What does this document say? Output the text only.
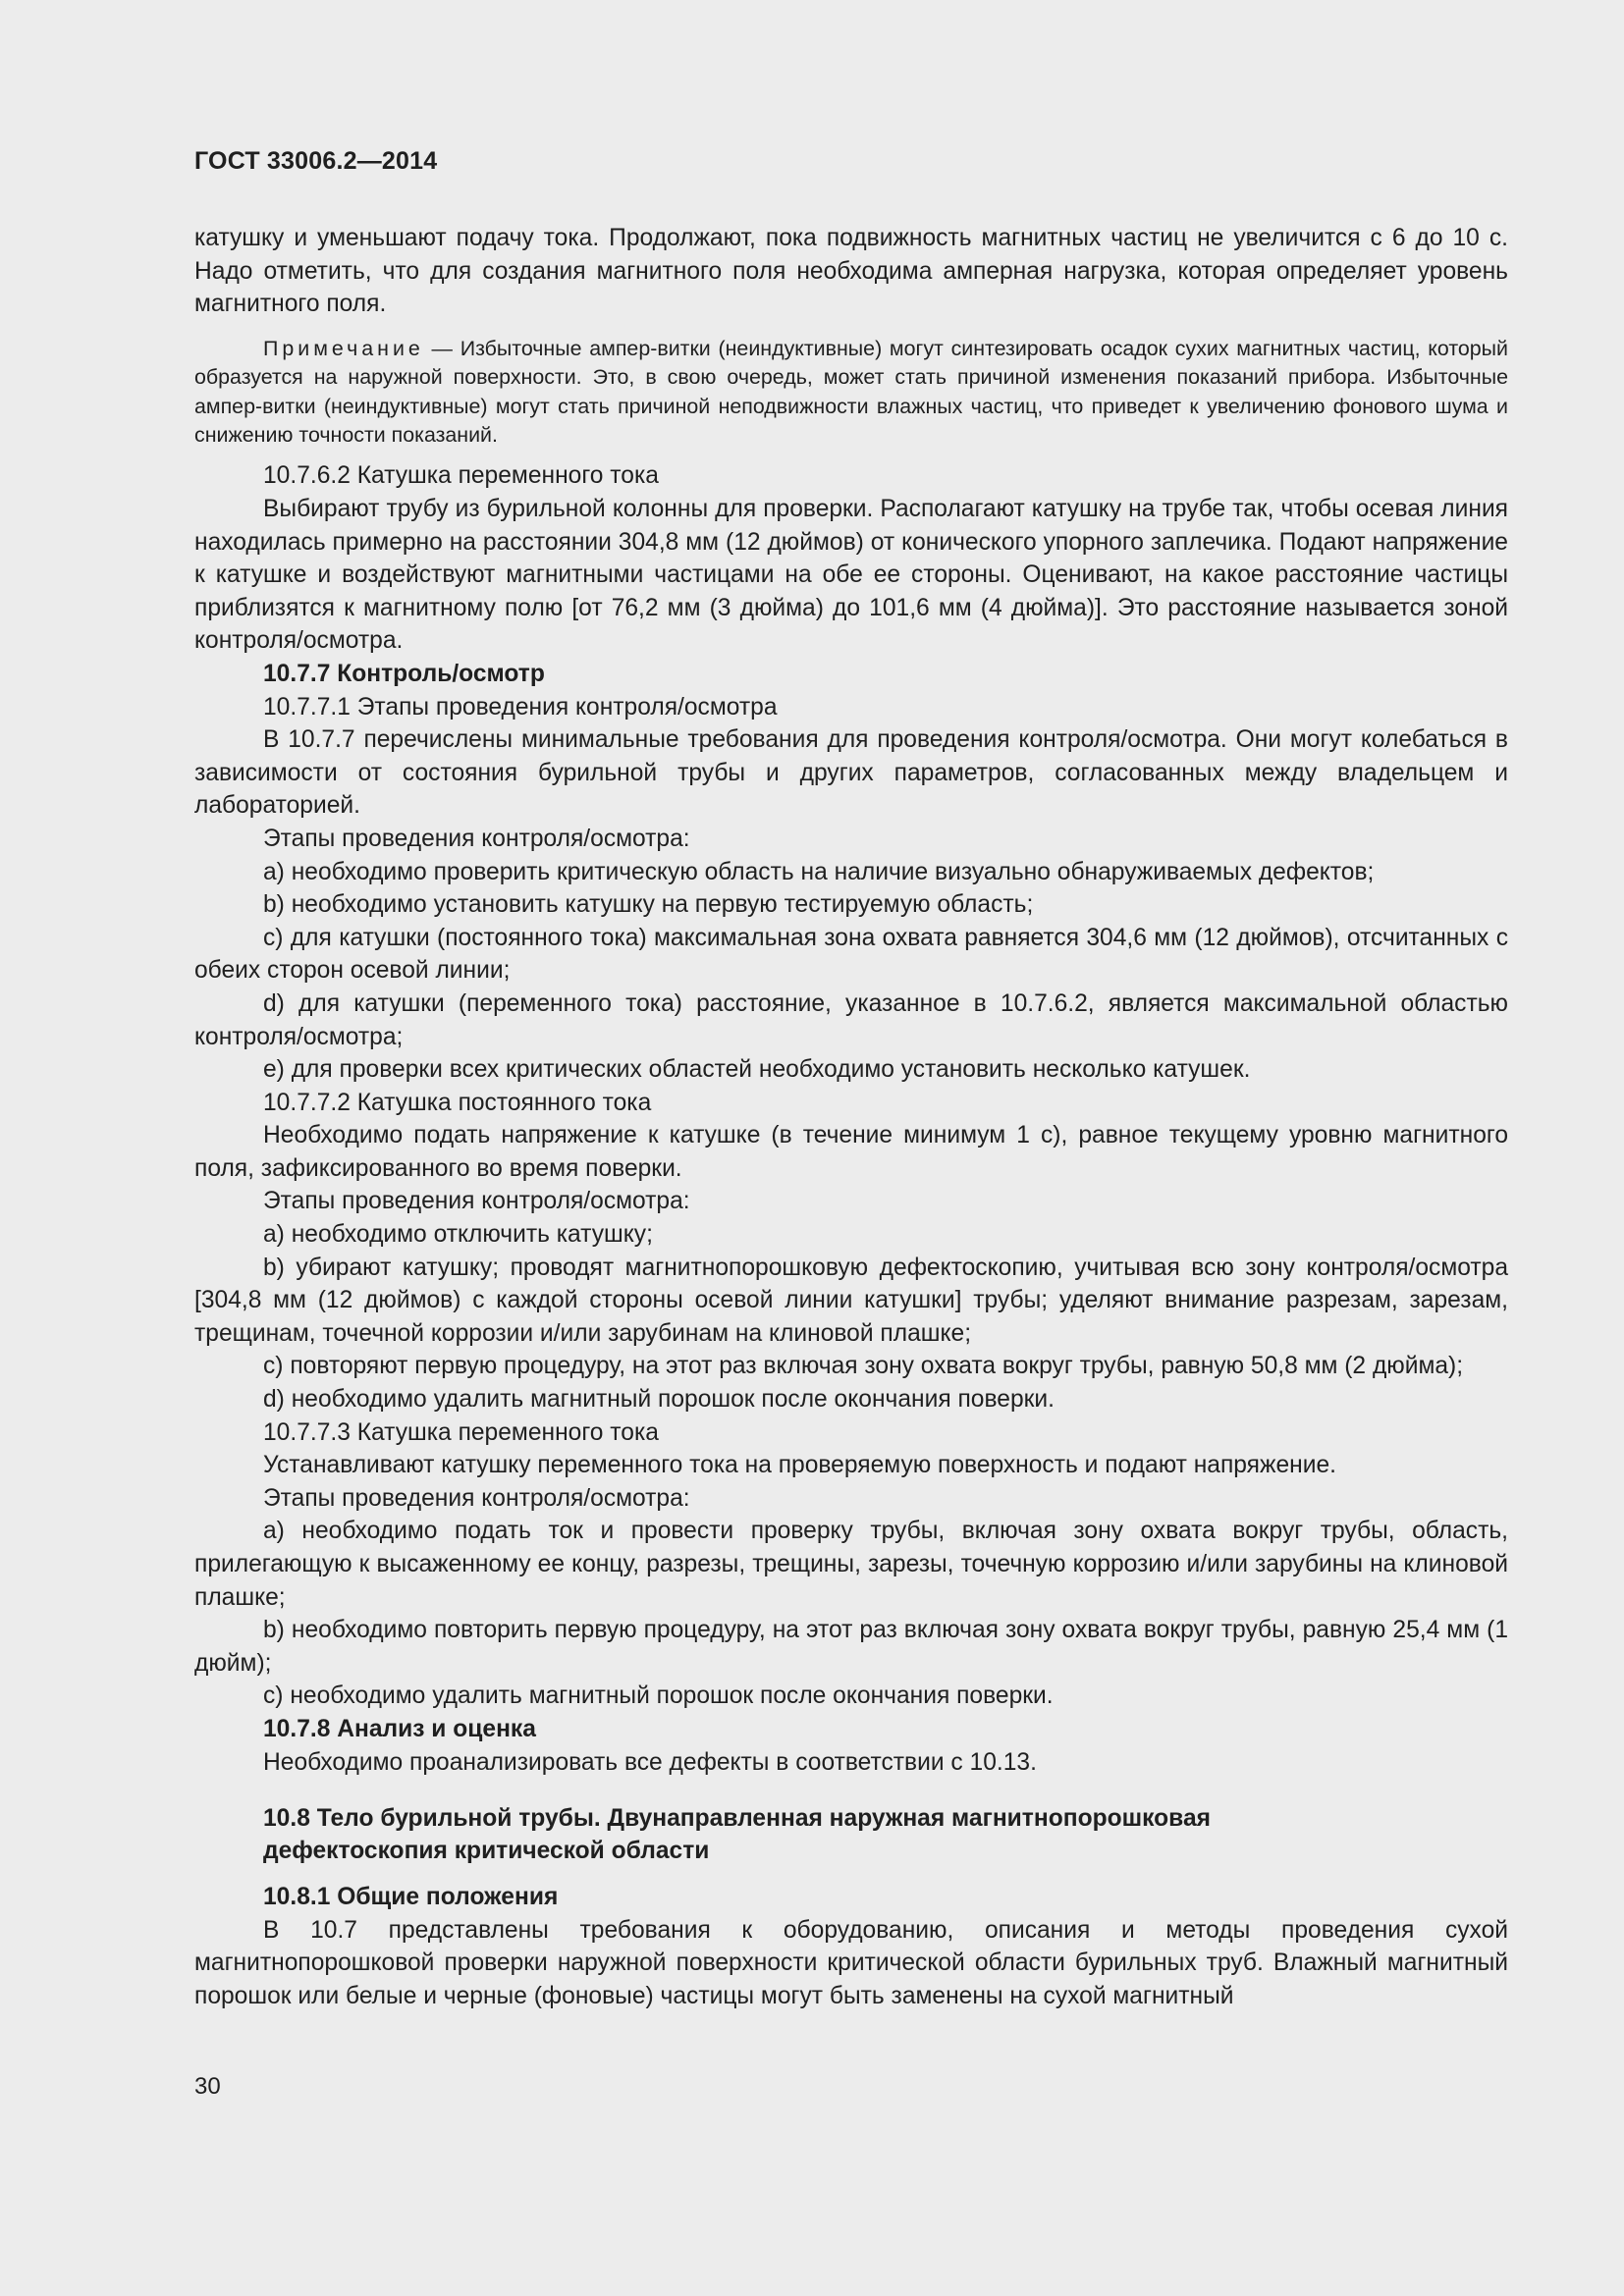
ГОСТ 33006.2—2014

катушку и уменьшают подачу тока. Продолжают, пока подвижность магнитных частиц не увеличится с 6 до 10 с. Надо отметить, что для создания магнитного поля необходима амперная нагрузка, которая определяет уровень магнитного поля.

Примечание — Избыточные ампер-витки (неиндуктивные) могут синтезировать осадок сухих магнитных частиц, который образуется на наружной поверхности. Это, в свою очередь, может стать причиной изменения показаний прибора. Избыточные ампер-витки (неиндуктивные) могут стать причиной неподвижности влажных частиц, что приведет к увеличению фонового шума и снижению точности показаний.

10.7.6.2 Катушка переменного тока

Выбирают трубу из бурильной колонны для проверки. Располагают катушку на трубе так, чтобы осевая линия находилась примерно на расстоянии 304,8 мм (12 дюймов) от конического упорного заплечика. Подают напряжение к катушке и воздействуют магнитными частицами на обе ее стороны. Оценивают, на какое расстояние частицы приблизятся к магнитному полю [от 76,2 мм (3 дюйма) до 101,6 мм (4 дюйма)]. Это расстояние называется зоной контроля/осмотра.

10.7.7 Контроль/осмотр

10.7.7.1 Этапы проведения контроля/осмотра

В 10.7.7 перечислены минимальные требования для проведения контроля/осмотра. Они могут колебаться в зависимости от состояния бурильной трубы и других параметров, согласованных между владельцем и лабораторией.

Этапы проведения контроля/осмотра:

a) необходимо проверить критическую область на наличие визуально обнаруживаемых дефектов;

b) необходимо установить катушку на первую тестируемую область;

c) для катушки (постоянного тока) максимальная зона охвата равняется 304,6 мм (12 дюймов), отсчитанных с обеих сторон осевой линии;

d) для катушки (переменного тока) расстояние, указанное в 10.7.6.2, является максимальной областью контроля/осмотра;

e) для проверки всех критических областей необходимо установить несколько катушек.

10.7.7.2 Катушка постоянного тока

Необходимо подать напряжение к катушке (в течение минимум 1 с), равное текущему уровню магнитного поля, зафиксированного во время поверки.

Этапы проведения контроля/осмотра:

a) необходимо отключить катушку;

b) убирают катушку; проводят магнитнопорошковую дефектоскопию, учитывая всю зону контроля/осмотра [304,8 мм (12 дюймов) с каждой стороны осевой линии катушки] трубы; уделяют внимание разрезам, зарезам, трещинам, точечной коррозии и/или зарубинам на клиновой плашке;

c) повторяют первую процедуру, на этот раз включая зону охвата вокруг трубы, равную 50,8 мм (2 дюйма);

d) необходимо удалить магнитный порошок после окончания поверки.

10.7.7.3 Катушка переменного тока

Устанавливают катушку переменного тока на проверяемую поверхность и подают напряжение.

Этапы проведения контроля/осмотра:

a) необходимо подать ток и провести проверку трубы, включая зону охвата вокруг трубы, область, прилегающую к высаженному ее концу, разрезы, трещины, зарезы, точечную коррозию и/или зарубины на клиновой плашке;

b) необходимо повторить первую процедуру, на этот раз включая зону охвата вокруг трубы, равную 25,4 мм (1 дюйм);

c) необходимо удалить магнитный порошок после окончания поверки.

10.7.8 Анализ и оценка

Необходимо проанализировать все дефекты в соответствии с 10.13.

10.8 Тело бурильной трубы. Двунаправленная наружная магнитнопорошковая
дефектоскопия критической области

10.8.1 Общие положения

В 10.7 представлены требования к оборудованию, описания и методы проведения сухой магнитнопорошковой проверки наружной поверхности критической области бурильных труб. Влажный магнитный порошок или белые и черные (фоновые) частицы могут быть заменены на сухой магнитный

30
